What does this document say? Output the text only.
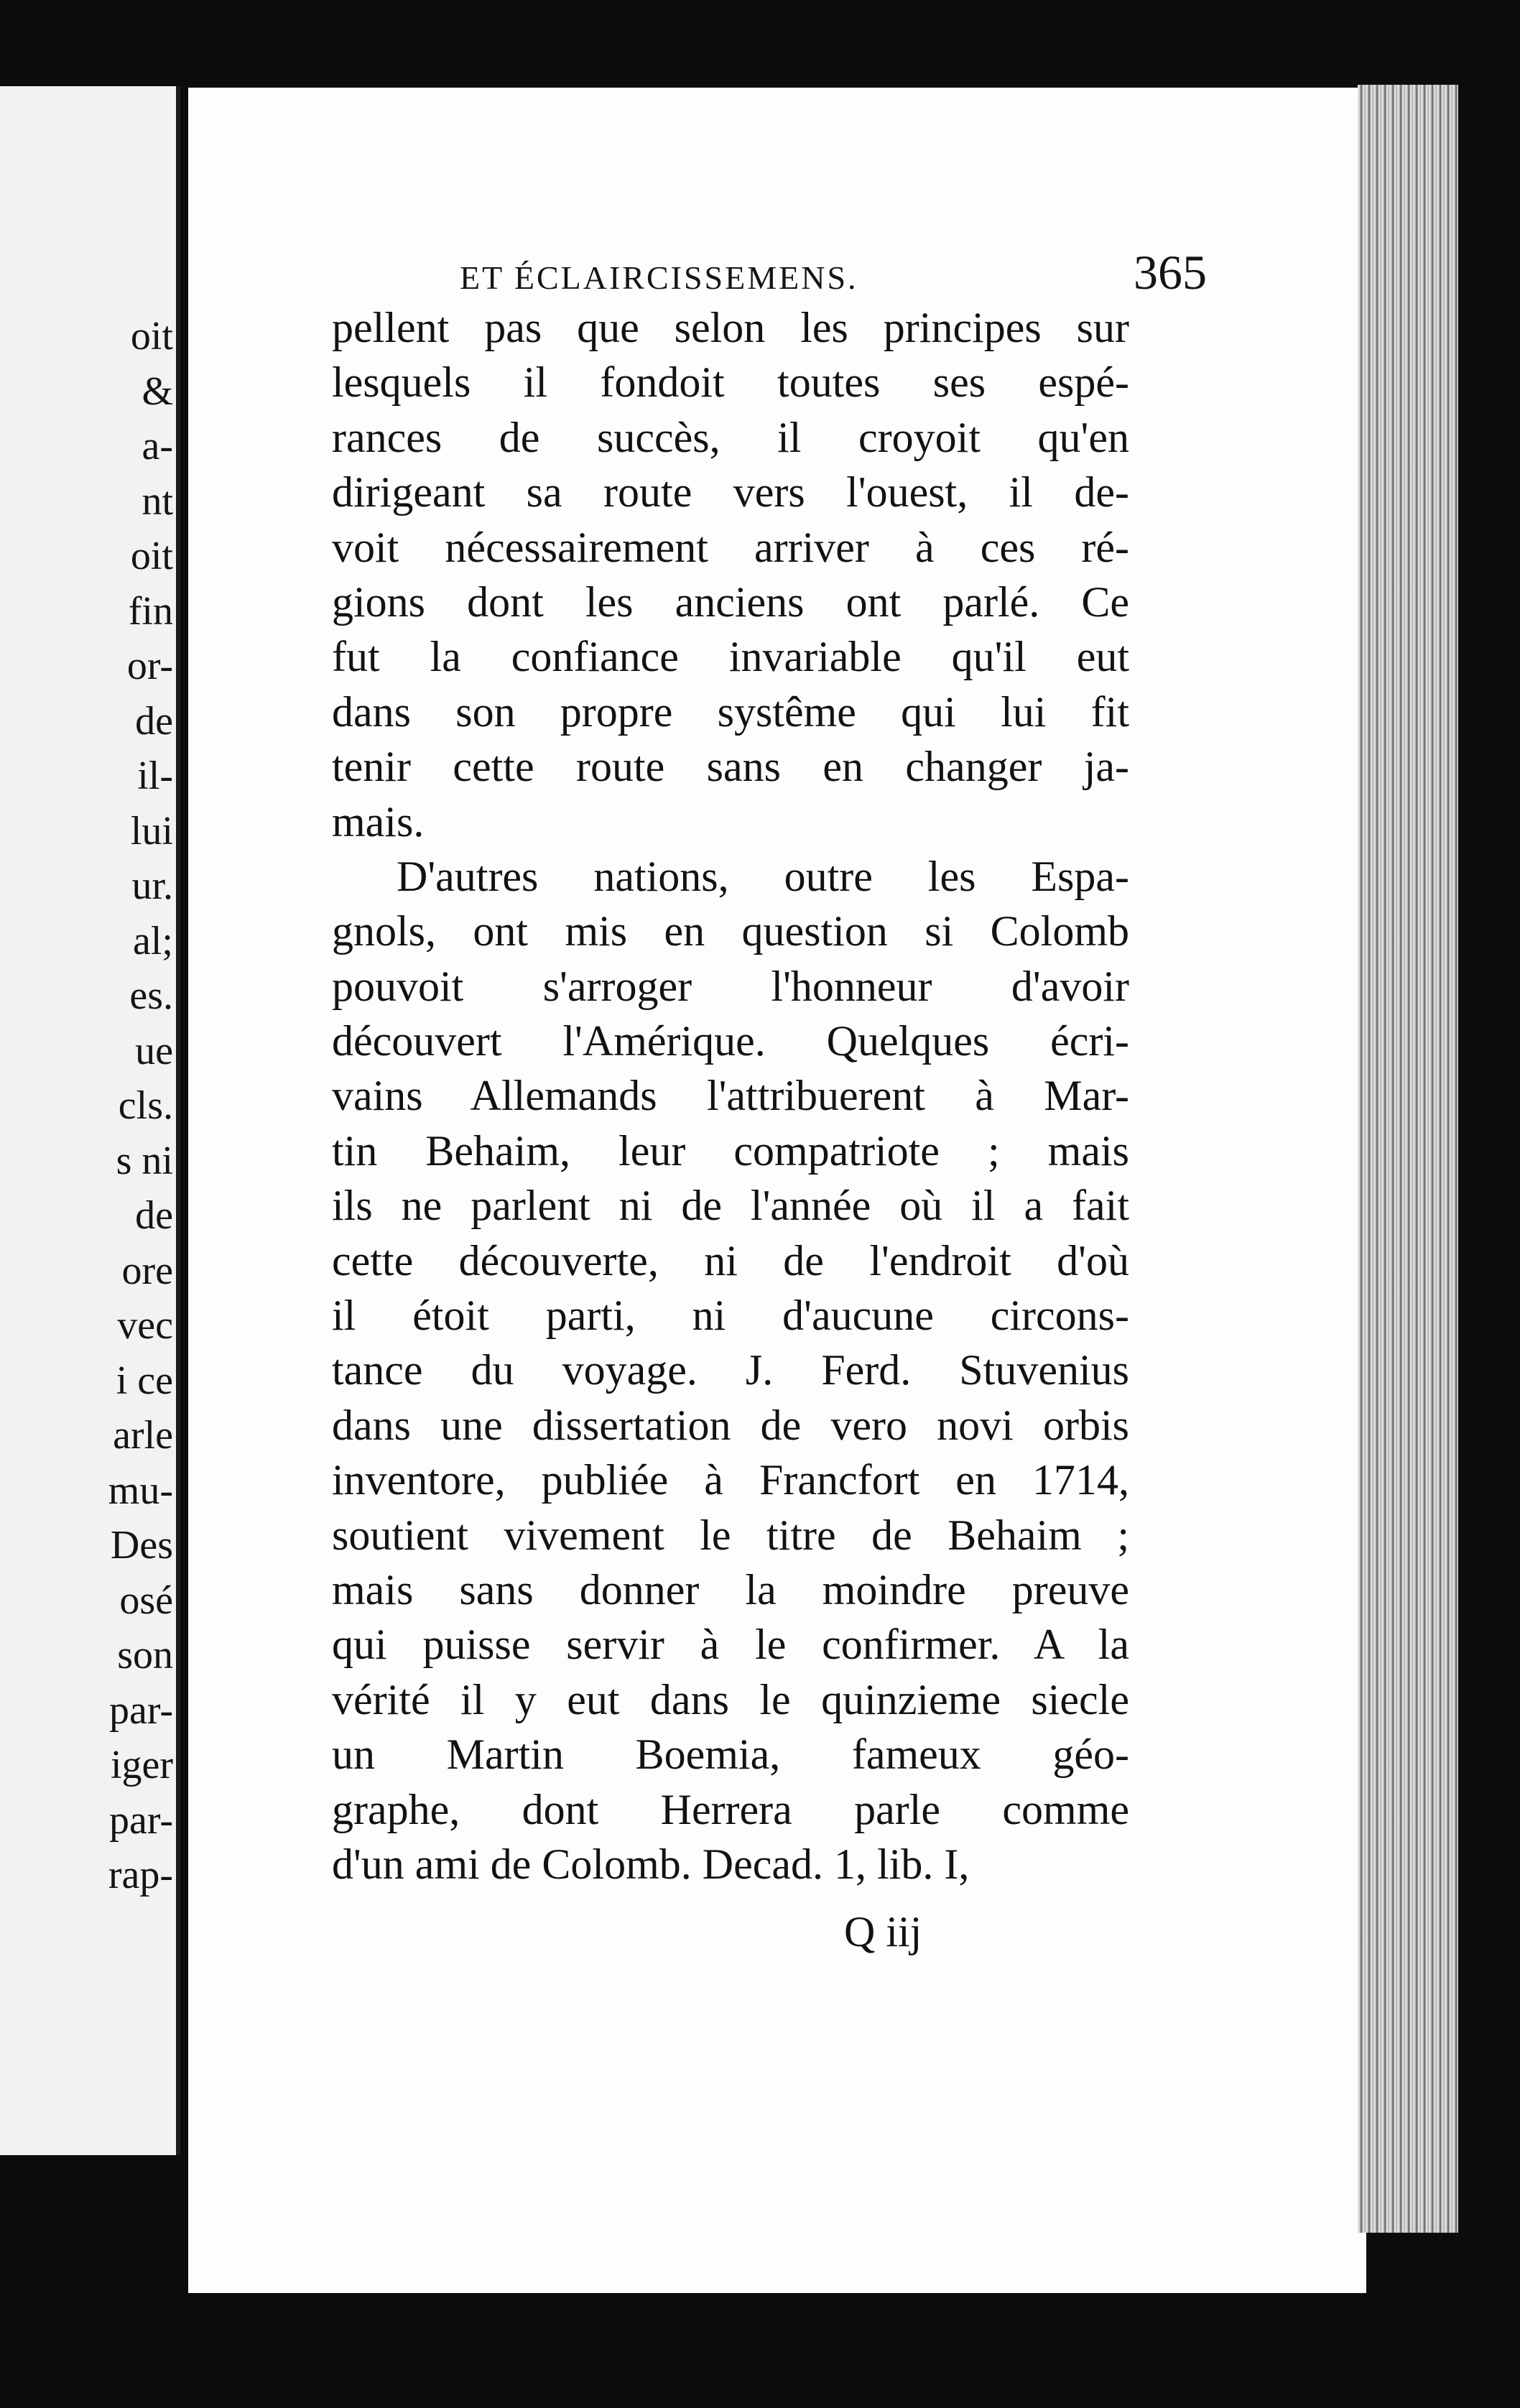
oit
&
a-
nt
oit
fin
or-
de
il-
lui
ur.
al;
es.
ue
cls.
s ni
de
ore
vec
i ce
arle
mu-
Des
osé
son
par-
iger
par-
rap-
ET ÉCLAIRCISSEMENS.	365
pellent pas que selon les principes sur
lesquels il fondoit toutes ses espé-
rances de succès, il croyoit qu'en
dirigeant sa route vers l'ouest, il de-
voit nécessairement arriver à ces ré-
gions dont les anciens ont parlé. Ce
fut la confiance invariable qu'il eut
dans son propre systême qui lui fit
tenir cette route sans en changer ja-
mais.
D'autres nations, outre les Espa-
gnols, ont mis en question si Colomb
pouvoit s'arroger l'honneur d'avoir
découvert l'Amérique. Quelques écri-
vains Allemands l'attribuerent à Mar-
tin Behaim, leur compatriote ; mais
ils ne parlent ni de l'année où il a fait
cette découverte, ni de l'endroit d'où
il étoit parti, ni d'aucune circons-
tance du voyage. J. Ferd. Stuvenius
dans une dissertation de vero novi orbis
inventore, publiée à Francfort en 1714,
soutient vivement le titre de Behaim ;
mais sans donner la moindre preuve
qui puisse servir à le confirmer. A la
vérité il y eut dans le quinzieme siecle
un Martin Boemia, fameux géo-
graphe, dont Herrera parle comme
d'un ami de Colomb. Decad. 1, lib. I,
Q iij
